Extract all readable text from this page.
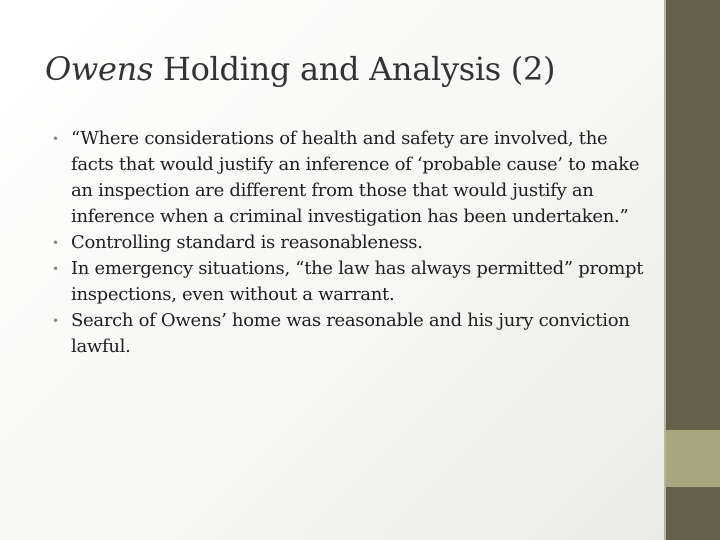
Owens Holding and Analysis (2)
• “Where considerations of health and safety are involved, the facts that would justify an inference of ‘probable cause’ to make an inspection are different from those that would justify an inference when a criminal investigation has been undertaken.”
• Controlling standard is reasonableness.
• In emergency situations, “the law has always permitted” prompt inspections, even without a warrant.
• Search of Owens’ home was reasonable and his jury conviction lawful.
